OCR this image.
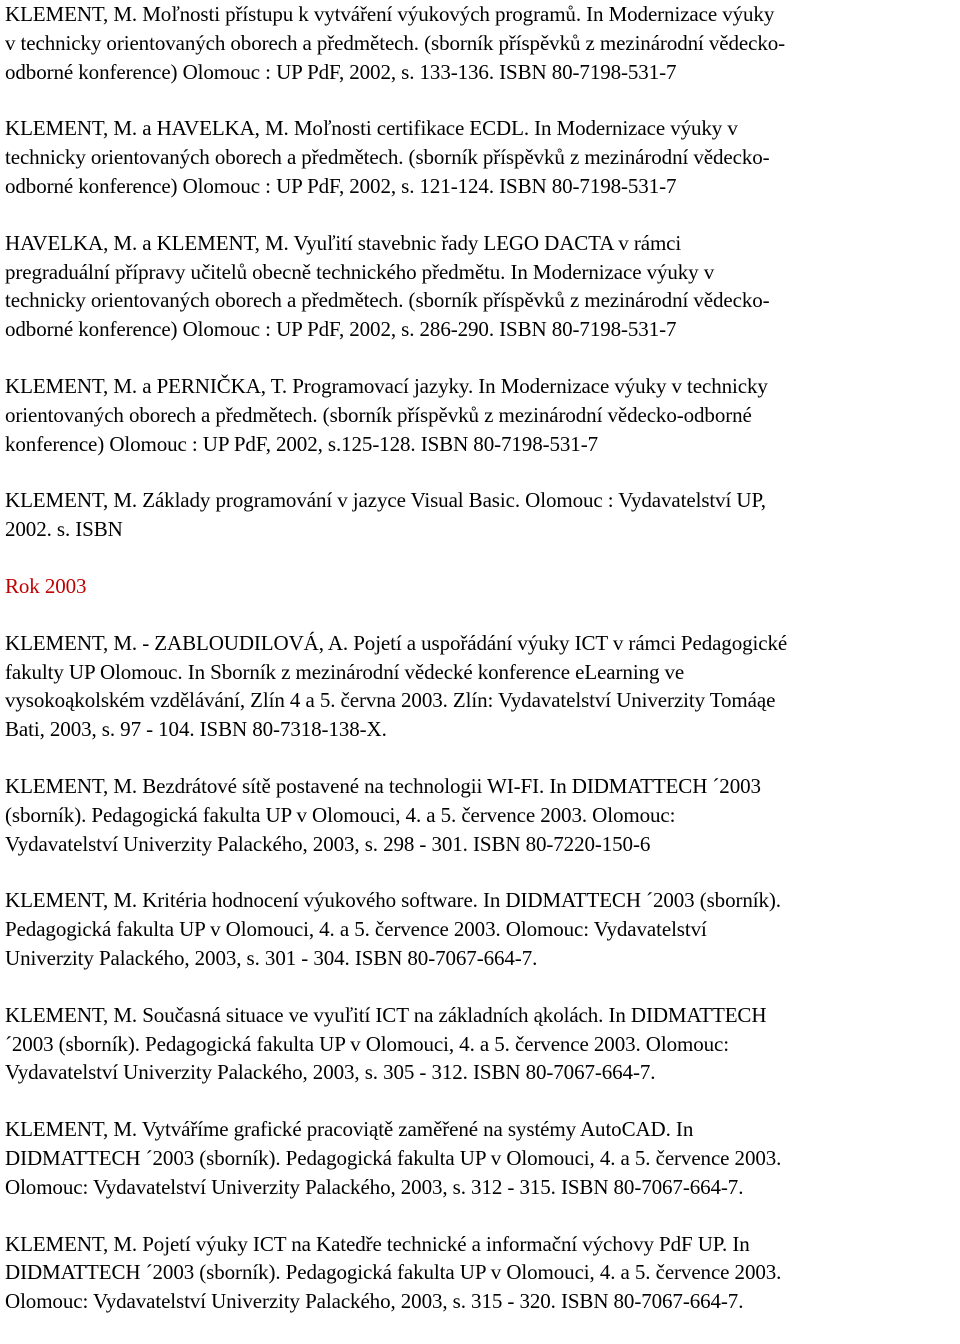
KLEMENT, M. Moľnosti přístupu k vytváření výukových programů. In Modernizace výuky
v technicky orientovaných oborech a předmětech. (sborník příspěvků z mezinárodní vědecko-
odborné konference) Olomouc : UP PdF, 2002, s. 133-136. ISBN 80-7198-531-7
KLEMENT, M. a HAVELKA, M. Moľnosti certifikace ECDL. In Modernizace výuky v
technicky orientovaných oborech a předmětech. (sborník příspěvků z mezinárodní vědecko-
odborné konference) Olomouc : UP PdF, 2002, s. 121-124. ISBN 80-7198-531-7
HAVELKA, M. a KLEMENT, M. Vyuľití stavebnic řady LEGO DACTA v rámci
pregraduální přípravy učitelů obecně technického předmětu. In Modernizace výuky v
technicky orientovaných oborech a předmětech. (sborník příspěvků z mezinárodní vědecko-
odborné konference) Olomouc : UP PdF, 2002, s. 286-290. ISBN 80-7198-531-7
KLEMENT, M. a PERNIČKA, T. Programovací jazyky. In Modernizace výuky v technicky
orientovaných oborech a předmětech. (sborník příspěvků z mezinárodní vědecko-odborné
konference) Olomouc : UP PdF, 2002, s.125-128. ISBN 80-7198-531-7
KLEMENT, M. Základy programování v jazyce Visual Basic. Olomouc : Vydavatelství UP,
2002. s. ISBN
Rok 2003
KLEMENT, M. - ZABLOUDILOVÁ, A. Pojetí a uspořádání výuky ICT v rámci Pedagogické
fakulty UP Olomouc. In Sborník z mezinárodní vědecké konference eLearning ve
vysokoąkolském vzdělávání, Zlín 4 a 5. června 2003. Zlín: Vydavatelství Univerzity Tomáąe
Bati, 2003, s. 97 - 104. ISBN 80-7318-138-X.
KLEMENT, M. Bezdrátové sítě postavené na technologii WI-FI. In DIDMATTECH ´2003
(sborník). Pedagogická fakulta UP v Olomouci, 4. a 5. července 2003. Olomouc:
Vydavatelství Univerzity Palackého, 2003, s. 298 - 301. ISBN 80-7220-150-6
KLEMENT, M. Kritéria hodnocení výukového software. In DIDMATTECH ´2003 (sborník).
Pedagogická fakulta UP v Olomouci, 4. a 5. července 2003. Olomouc: Vydavatelství
Univerzity Palackého, 2003, s. 301 - 304. ISBN 80-7067-664-7.
KLEMENT, M. Současná situace ve vyuľití ICT na základních ąkolách. In DIDMATTECH
´2003 (sborník). Pedagogická fakulta UP v Olomouci, 4. a 5. července 2003. Olomouc:
Vydavatelství Univerzity Palackého, 2003, s. 305 - 312. ISBN 80-7067-664-7.
KLEMENT, M. Vytváříme grafické pracoviątě zaměřené na systémy AutoCAD. In
DIDMATTECH ´2003 (sborník). Pedagogická fakulta UP v Olomouci, 4. a 5. července 2003.
Olomouc: Vydavatelství Univerzity Palackého, 2003, s. 312 - 315. ISBN 80-7067-664-7.
KLEMENT, M. Pojetí výuky ICT na Katedře technické a informační výchovy PdF UP. In
DIDMATTECH ´2003 (sborník). Pedagogická fakulta UP v Olomouci, 4. a 5. července 2003.
Olomouc: Vydavatelství Univerzity Palackého, 2003, s. 315 - 320. ISBN 80-7067-664-7.
